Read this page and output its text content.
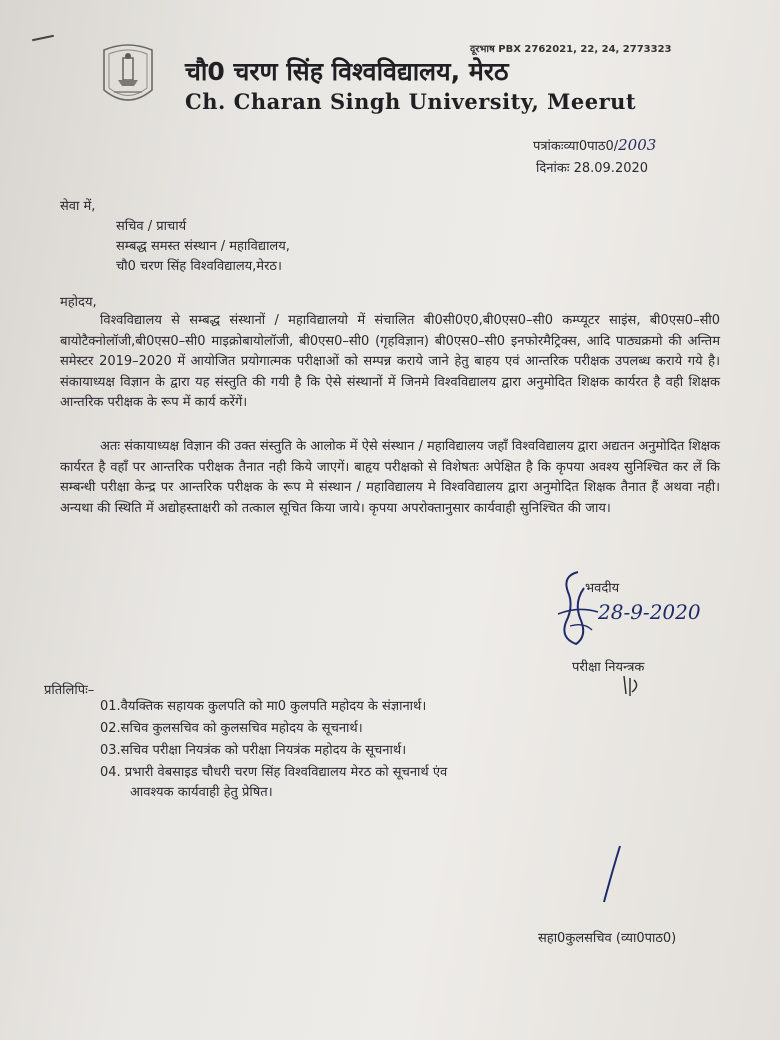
दूरभाष PBX 2762021, 22, 24, 2773323
चौ0 चरण सिंह विश्वविद्यालय, मेरठ
Ch. Charan Singh University, Meerut
पत्रांकःव्या0पाठ0/2003
दिनांकः 28.09.2020
सेवा में,
सचिव / प्राचार्य
सम्बद्ध समस्त संस्थान / महाविद्यालय,
चौ0 चरण सिंह विश्वविद्यालय,मेरठ।
महोदय,
विश्वविद्यालय से सम्बद्ध संस्थानों / महाविद्यालयो में संचालित बी0सी0ए0,बी0एस0–सी0 कम्प्यूटर साइंस, बी0एस0–सी0 बायोटैक्नोलॉजी,बी0एस0–सी0 माइक्रोबायोलॉजी, बी0एस0–सी0 (गृहविज्ञान) बी0एस0–सी0 इनफोरमैट्रिक्स, आदि पाठ्यक्रमो की अन्तिम समेस्टर 2019–2020 में आयोजित प्रयोगात्मक परीक्षाओं को सम्पन्न कराये जाने हेतु बाहय एवं आन्तरिक परीक्षक उपलब्ध कराये गये है। संकायाध्यक्ष विज्ञान के द्वारा यह संस्तुति की गयी है कि ऐसे संस्थानों में जिनमे विश्वविद्यालय द्वारा अनुमोदित शिक्षक कार्यरत है वही शिक्षक आन्तरिक परीक्षक के रूप में कार्य करेंगें।
अतः संकायाध्यक्ष विज्ञान की उक्त संस्तुति के आलोक में ऐसे संस्थान / महाविद्यालय जहाँ विश्वविद्यालय द्वारा अद्यतन अनुमोदित शिक्षक कार्यरत है वहाँ पर आन्तरिक परीक्षक तैनात नही किये जाएगें। बाहृय परीक्षको से विशेषतः अपेक्षित है कि कृपया अवश्य सुनिश्चित कर लें कि सम्बन्धी परीक्षा केन्द्र पर आन्तरिक परीक्षक के रूप मे संस्थान / महाविद्यालय मे विश्वविद्यालय द्वारा अनुमोदित शिक्षक तैनात हैं अथवा नही। अन्यथा की स्थिति में अद्योहस्ताक्षरी को तत्काल सूचित किया जाये। कृपया अपरोक्तानुसार कार्यवाही सुनिश्चित की जाय।
भवदीय
28-9-2020
परीक्षा नियन्त्रक
प्रतिलिपिः–
01.वैयक्तिक सहायक कुलपति को मा0 कुलपति महोदय के संज्ञानार्थ।
02.सचिव कुलसचिव को कुलसचिव महोदय के सूचनार्थ।
03.सचिव परीक्षा नियत्रंक को परीक्षा नियत्रंक महोदय के सूचनार्थ।
04. प्रभारी वेबसाइड चौधरी चरण सिंह विश्वविद्यालय मेरठ को सूचनार्थ एंव
आवश्यक कार्यवाही हेतु प्रेषित।
सहा0कुलसचिव (व्या0पाठ0)
